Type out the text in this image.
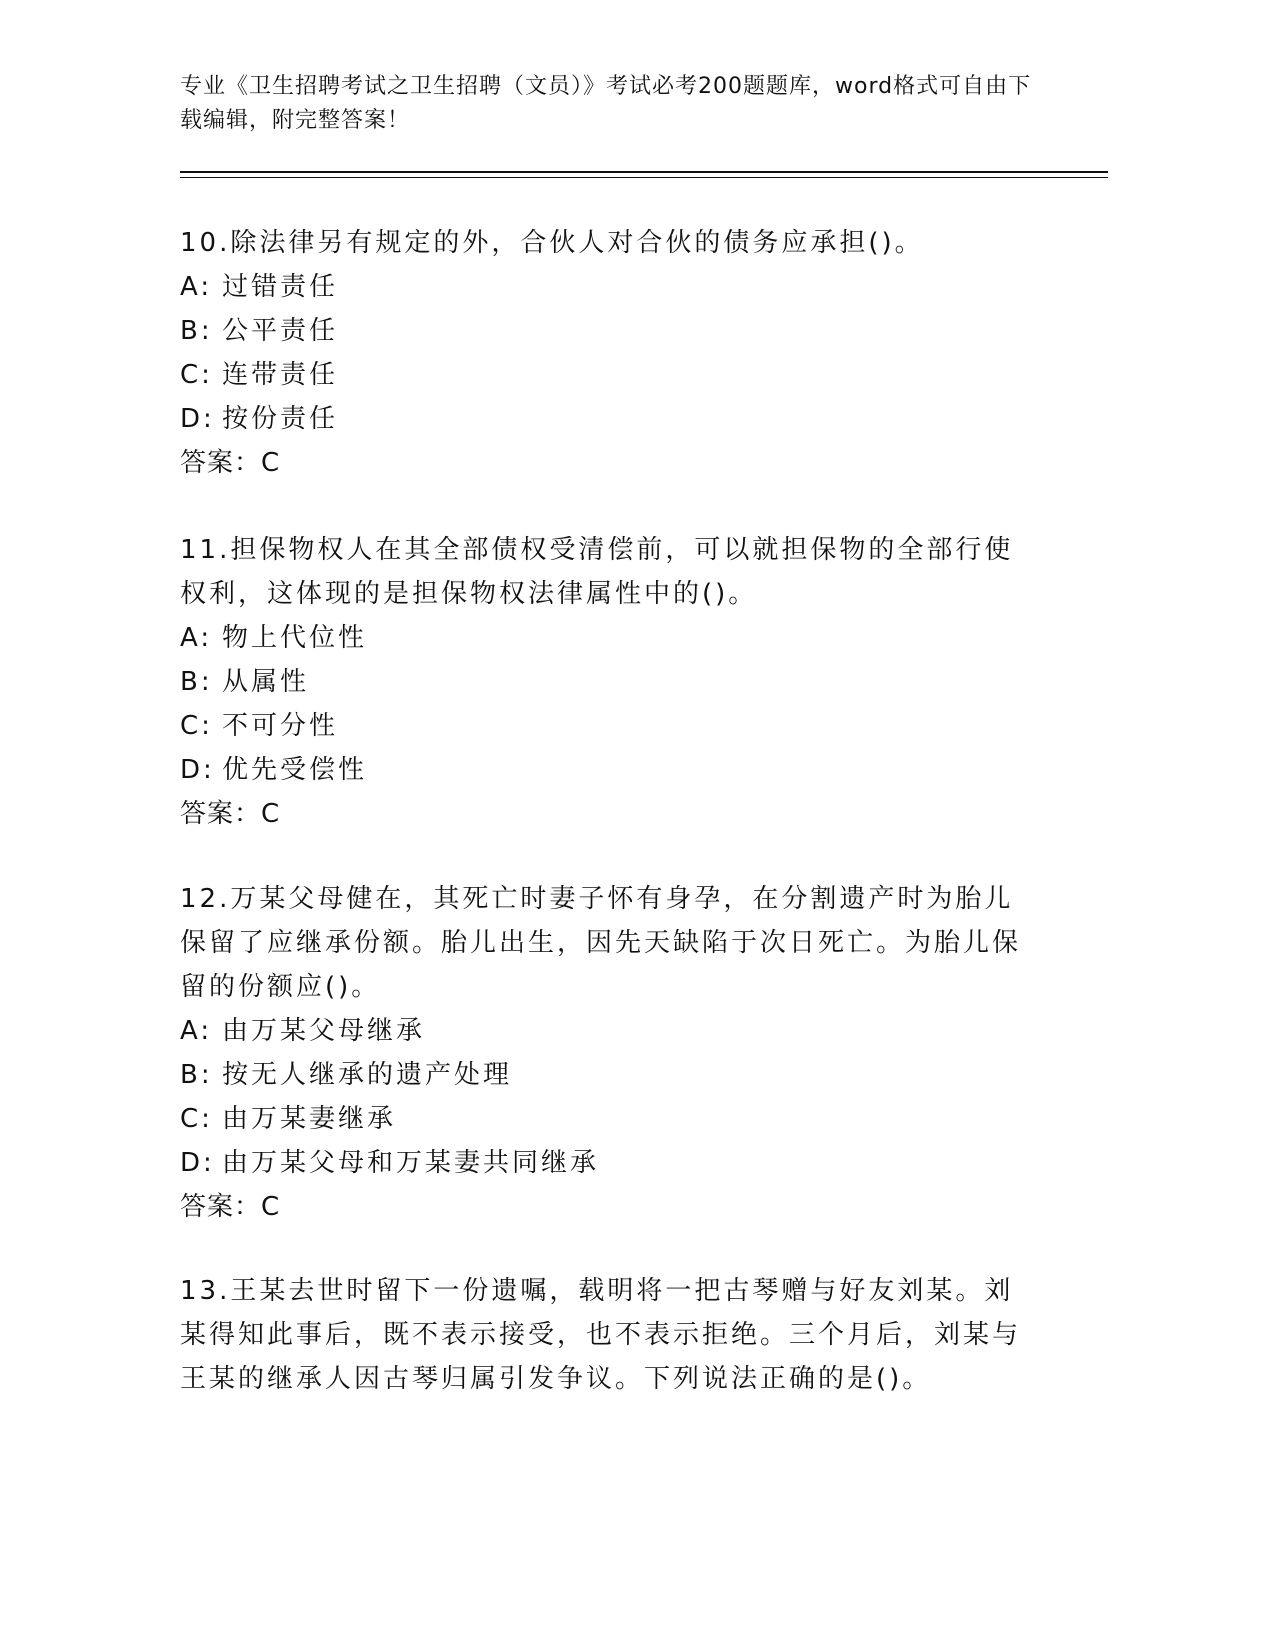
专业《卫生招聘考试之卫生招聘（文员）》考试必考200题题库，word格式可自由下载编辑，附完整答案！
10.除法律另有规定的外，合伙人对合伙的债务应承担()。
A: 过错责任
B: 公平责任
C: 连带责任
D: 按份责任
答案：C
11.担保物权人在其全部债权受清偿前，可以就担保物的全部行使权利，这体现的是担保物权法律属性中的()。
A: 物上代位性
B: 从属性
C: 不可分性
D: 优先受偿性
答案：C
12.万某父母健在，其死亡时妻子怀有身孕，在分割遗产时为胎儿保留了应继承份额。胎儿出生，因先天缺陷于次日死亡。为胎儿保留的份额应()。
A: 由万某父母继承
B: 按无人继承的遗产处理
C: 由万某妻继承
D: 由万某父母和万某妻共同继承
答案：C
13.王某去世时留下一份遗嘱，载明将一把古琴赠与好友刘某。刘某得知此事后，既不表示接受，也不表示拒绝。三个月后，刘某与王某的继承人因古琴归属引发争议。下列说法正确的是()。
